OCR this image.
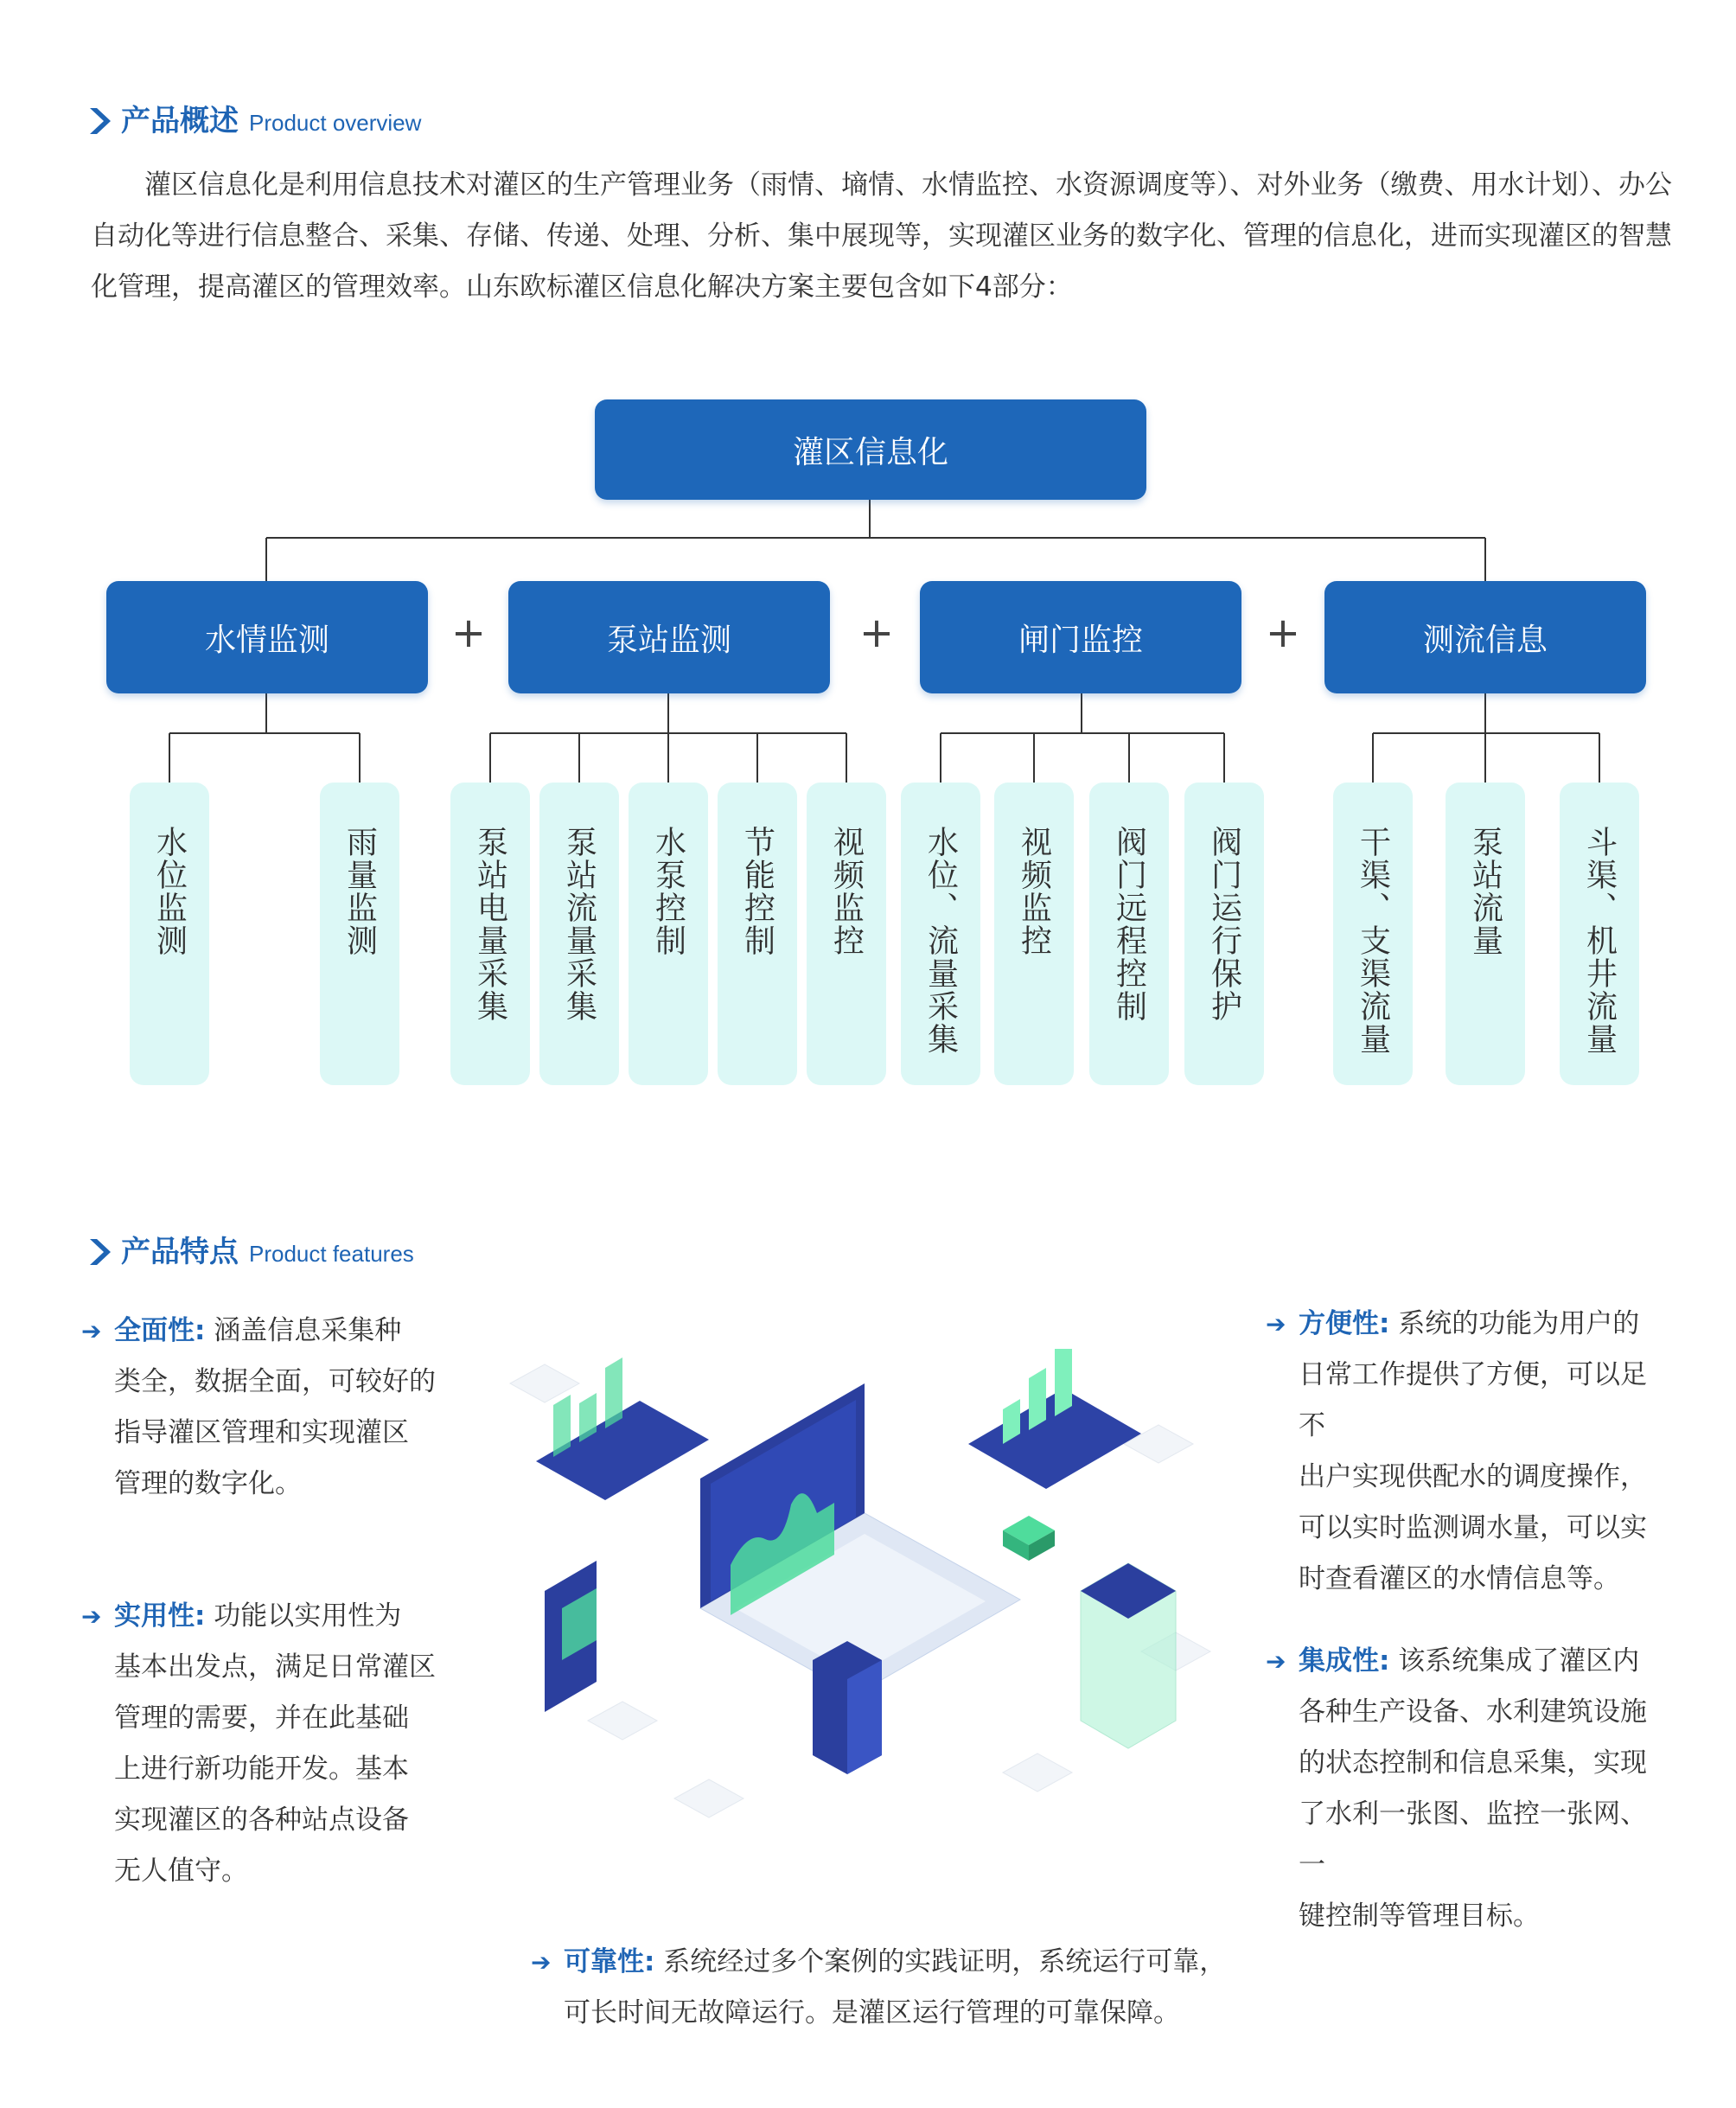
产品概述 Product overview
　　灌区信息化是利用信息技术对灌区的生产管理业务（雨情、墒情、水情监控、水资源调度等）、对外业务（缴费、用水计划）、办公
自动化等进行信息整合、采集、存储、传递、处理、分析、集中展现等，实现灌区业务的数字化、管理的信息化，进而实现灌区的智慧
化管理，提高灌区的管理效率。山东欧标灌区信息化解决方案主要包含如下4部分：
灌区信息化
水情监测	泵站监测	闸门监控	测流信息
+	+	+
水位监测	雨量监测	泵站电量采集 泵站流量采集 水泵控制 节能控制 视频监控 水位、流量采集 视频监控 阀门远程控制 阀门运行保护	干渠、支渠流量 泵站流量	斗渠、机井流量
产品特点 Product features
➔ 全面性: 涵盖信息采集种
类全，数据全面，可较好的
指导灌区管理和实现灌区
管理的数字化。
➔ 实用性: 功能以实用性为
基本出发点，满足日常灌区
管理的需要，并在此基础
上进行新功能开发。基本
实现灌区的各种站点设备
无人值守。
➔ 方便性: 系统的功能为用户的
日常工作提供了方便，可以足不
出户实现供配水的调度操作，
可以实时监测调水量，可以实
时查看灌区的水情信息等。
➔ 集成性: 该系统集成了灌区内
各种生产设备、水利建筑设施
的状态控制和信息采集，实现
了水利一张图、监控一张网、一
键控制等管理目标。
➔ 可靠性: 系统经过多个案例的实践证明，系统运行可靠，
可长时间无故障运行。是灌区运行管理的可靠保障。
